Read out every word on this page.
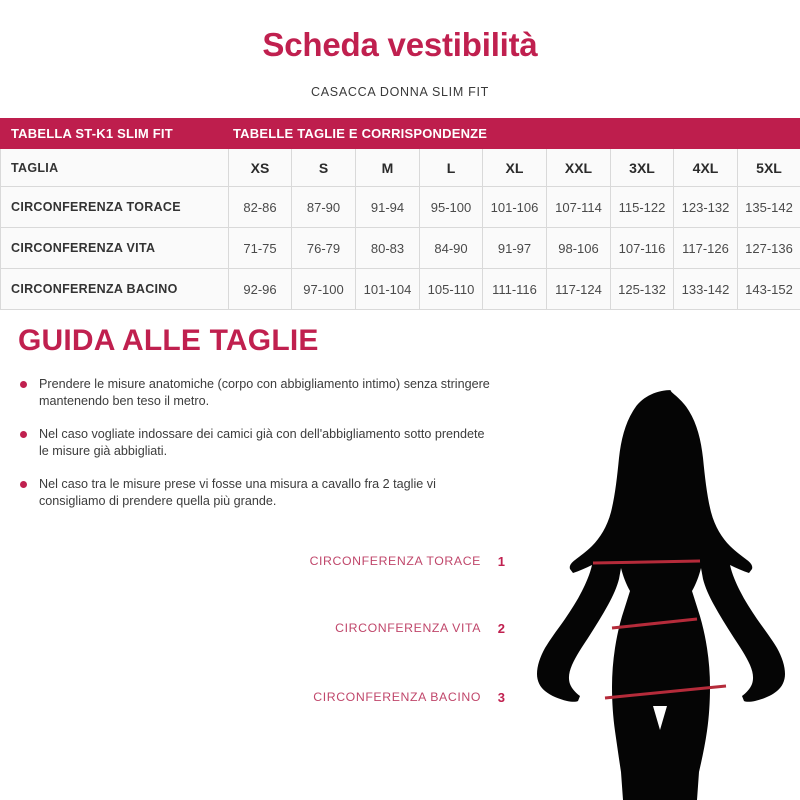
Scheda vestibilità
CASACCA DONNA SLIM FIT
TABELLA ST-K1 SLIM FIT	TABELLE TAGLIE E CORRISPONDENZE								
TAGLIA	XS	S	M	L	XL	XXL	3XL	4XL	5XL
CIRCONFERENZA TORACE	82-86	87-90	91-94	95-100	101-106	107-114	115-122	123-132	135-142
CIRCONFERENZA VITA	71-75	76-79	80-83	84-90	91-97	98-106	107-116	117-126	127-136
CIRCONFERENZA BACINO	92-96	97-100	101-104	105-110	111-116	117-124	125-132	133-142	143-152
GUIDA ALLE TAGLIE
Prendere le misure anatomiche (corpo con abbigliamento intimo) senza stringere mantenendo ben teso il metro.
Nel caso vogliate indossare dei camici già con dell'abbigliamento sotto prendete le misure già abbigliati.
Nel caso tra le misure prese vi fosse una misura a cavallo fra 2 taglie vi consigliamo di prendere quella più grande.
CIRCONFERENZA TORACE	1
CIRCONFERENZA VITA	2
CIRCONFERENZA BACINO	3
